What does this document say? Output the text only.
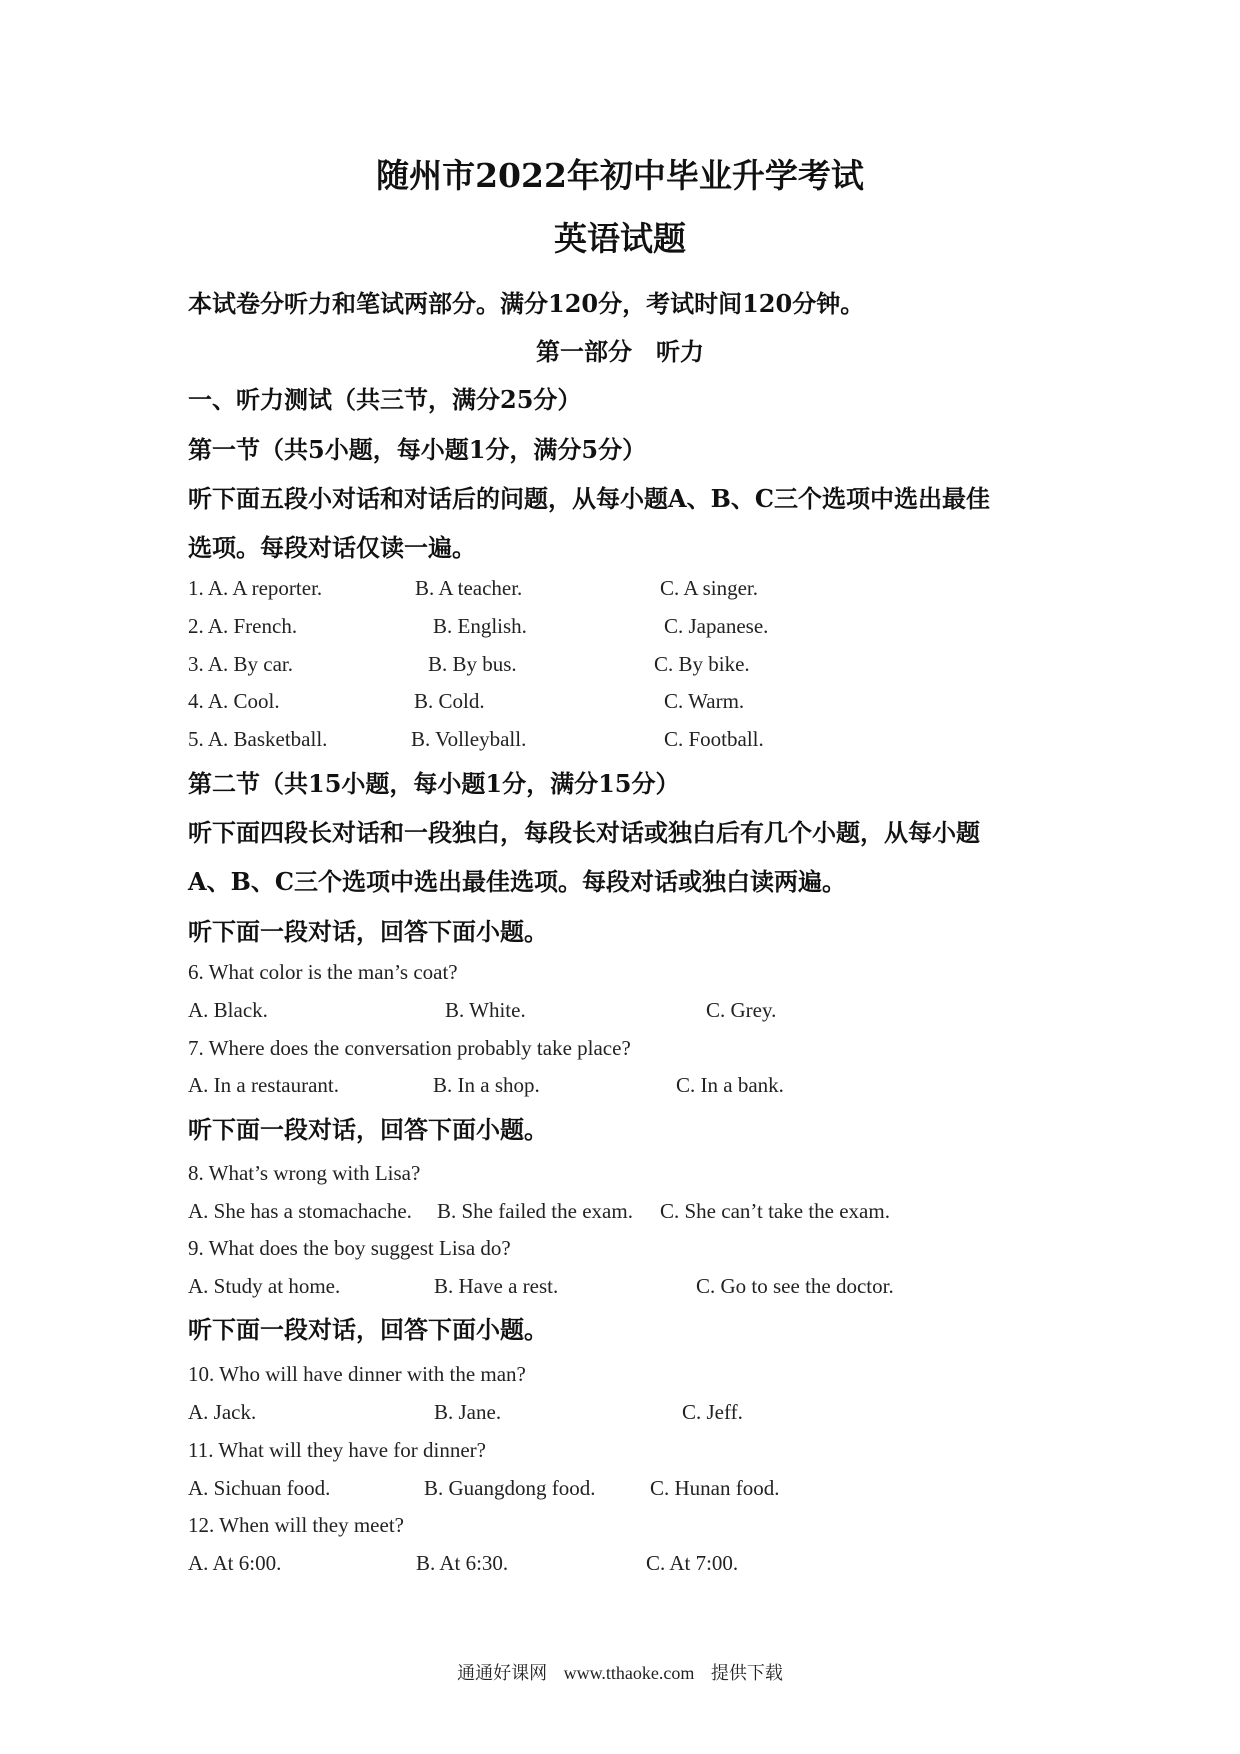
随州市2022年初中毕业升学考试
英语试题
本试卷分听力和笔试两部分。满分120分，考试时间120分钟。
第一部分　听力
一、听力测试（共三节，满分25分）
第一节（共5小题，每小题1分，满分5分）
听下面五段小对话和对话后的问题，从每小题A、B、C三个选项中选出最佳
选项。每段对话仅读一遍。
1. A. A reporter.	B. A teacher.	C. A singer.
2. A. French.	B. English.	C. Japanese.
3. A. By car.	B. By bus.	C. By bike.
4. A. Cool.	B. Cold.	C. Warm.
5. A. Basketball.	B. Volleyball.	C. Football.
第二节（共15小题，每小题1分，满分15分）
听下面四段长对话和一段独白，每段长对话或独白后有几个小题，从每小题
A、B、C三个选项中选出最佳选项。每段对话或独白读两遍。
听下面一段对话，回答下面小题。
6. What color is the man’s coat?
A. Black.	B. White.	C. Grey.
7. Where does the conversation probably take place?
A. In a restaurant.	B. In a shop.	C. In a bank.
听下面一段对话，回答下面小题。
8. What’s wrong with Lisa?
A. She has a stomachache. B. She failed the exam. C. She can’t take the exam.
9. What does the boy suggest Lisa do?
A. Study at home.	B. Have a rest.	C. Go to see the doctor.
听下面一段对话，回答下面小题。
10. Who will have dinner with the man?
A. Jack.	B. Jane.	C. Jeff.
11. What will they have for dinner?
A. Sichuan food.	B. Guangdong food.	C. Hunan food.
12. When will they meet?
A. At 6:00.	B. At 6:30.	C. At 7:00.
通通好课网 www.tthaoke.com 提供下载
